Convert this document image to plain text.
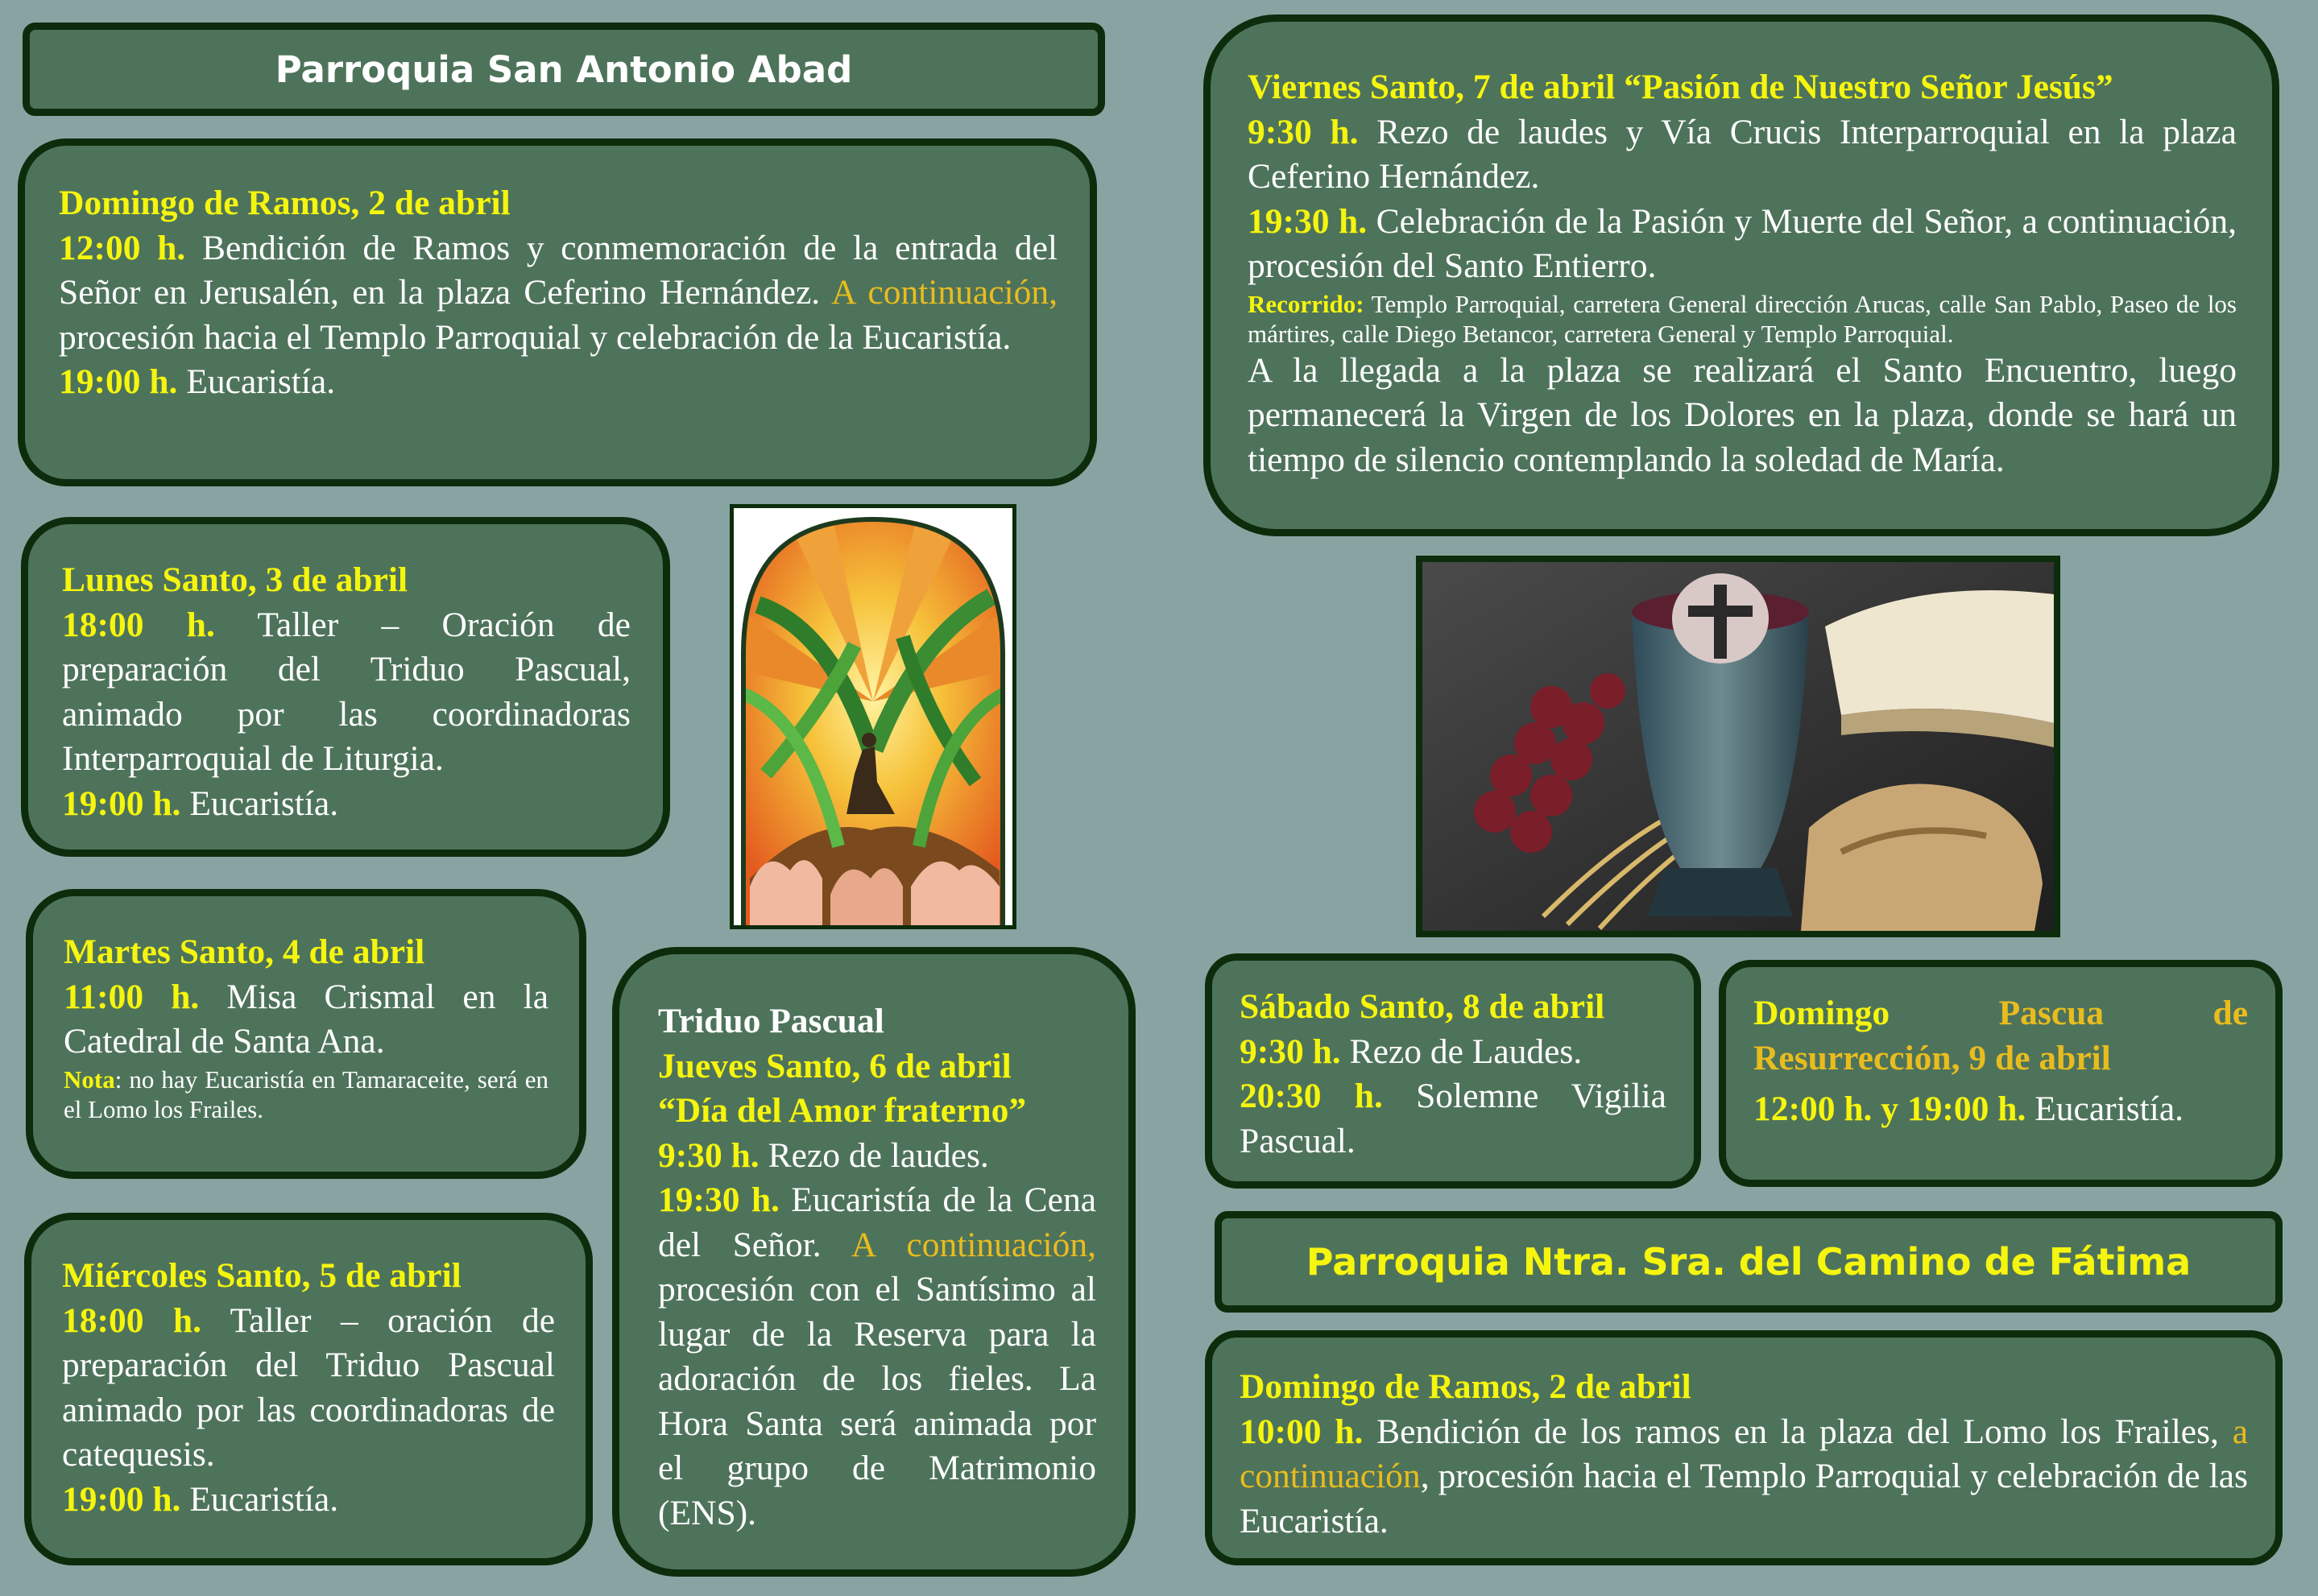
Parroquia San Antonio Abad

Domingo de Ramos, 2 de abril

12:00 h. Bendición de Ramos y conmemoración de la entrada del Señor en Jerusalén, en la plaza Ceferino Hernández. A continuación, procesión hacia el Templo Parroquial y celebración de la Eucaristía.

19:00 h. Eucaristía.

Lunes Santo, 3 de abril

18:00 h. Taller – Oración de preparación del Triduo Pascual, animado por las coordinadoras Interparroquial de Liturgia.

19:00 h. Eucaristía.

Martes Santo, 4 de abril

11:00 h. Misa Crismal en la Catedral de Santa Ana.

Nota: no hay Eucaristía en Tamaraceite, será en el Lomo los Frailes.

Miércoles Santo, 5 de abril

18:00 h. Taller – oración de preparación del Triduo Pascual animado por las coordinadoras de catequesis.

19:00 h. Eucaristía.

Triduo Pascual

Jueves Santo, 6 de abril

“Día del Amor fraterno”

9:30 h. Rezo de laudes.

19:30 h. Eucaristía de la Cena del Señor. A continuación, procesión con el Santísimo al lugar de la Reserva para la adoración de los fieles. La Hora Santa será animada por el grupo de Matrimonio (ENS).

Viernes Santo, 7 de abril “Pasión de Nuestro Señor Jesús”

9:30 h. Rezo de laudes y Vía Crucis Interparroquial en la plaza Ceferino Hernández.

19:30 h. Celebración de la Pasión y Muerte del Señor, a continuación, procesión del Santo Entierro.

Recorrido: Templo Parroquial, carretera General dirección Arucas, calle San Pablo, Paseo de los mártires, calle Diego Betancor, carretera General y Templo Parroquial.

A la llegada a la plaza se realizará el Santo Encuentro, luego permanecerá la Virgen de los Dolores en la plaza, donde se hará un tiempo de silencio contemplando la soledad de María.

Sábado Santo, 8 de abril

9:30 h. Rezo de Laudes.

20:30 h. Solemne Vigilia Pascual.

Domingo Pascua de Resurrección, 9 de abril

12:00 h. y 19:00 h. Eucaristía.

Parroquia Ntra. Sra. del Camino de Fátima

Domingo de Ramos, 2 de abril

10:00 h. Bendición de los ramos en la plaza del Lomo los Frailes, a continuación, procesión hacia el Templo Parroquial y celebración de las Eucaristía.
